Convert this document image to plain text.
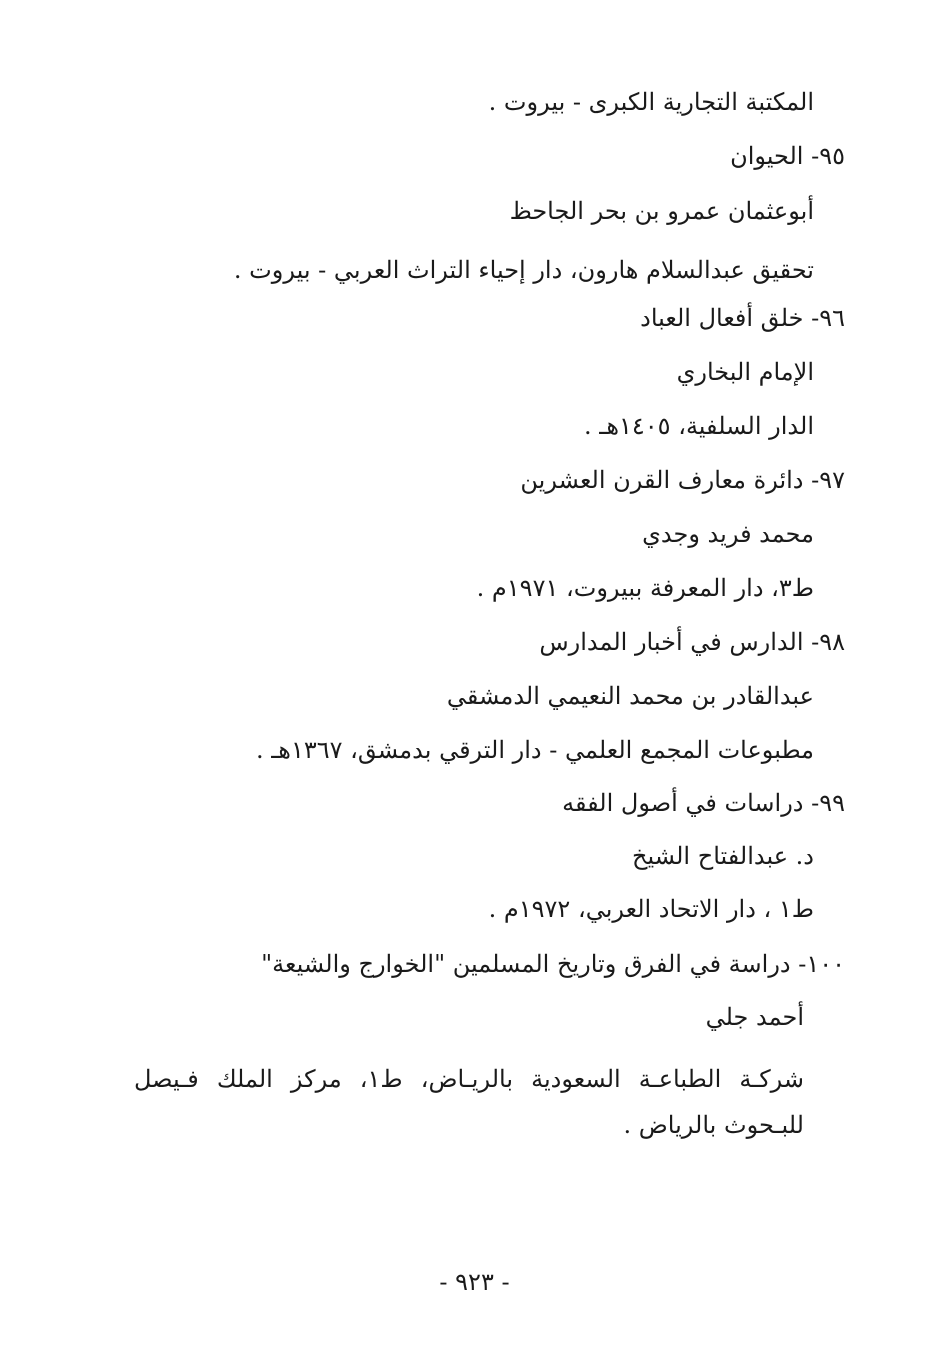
المكتبة التجارية الكبرى - بيروت .
٩٥- الحيوان
أبوعثمان عمرو بن بحر الجاحظ
تحقيق عبدالسلام هارون، دار إحياء التراث العربي - بيروت .
٩٦- خلق أفعال العباد
الإمام البخاري
الدار السلفية، ١٤٠٥هـ .
٩٧- دائرة معارف القرن العشرين
محمد فريد وجدي
ط٣، دار المعرفة ببيروت، ١٩٧١م .
٩٨- الدارس في أخبار المدارس
عبدالقادر بن محمد النعيمي الدمشقي
مطبوعات المجمع العلمي - دار الترقي بدمشق، ١٣٦٧هـ .
٩٩- دراسات في أصول الفقه
د. عبدالفتاح الشيخ
ط١ ، دار الاتحاد العربي، ١٩٧٢م .
١٠٠- دراسة في الفرق وتاريخ المسلمين "الخوارج والشيعة"
أحمد جلي
شركـة الطباعـة السعودية بالريـاض، ط١، مركز الملك فـيصل للبـحوث بالرياض .
- ٩٢٣ -
